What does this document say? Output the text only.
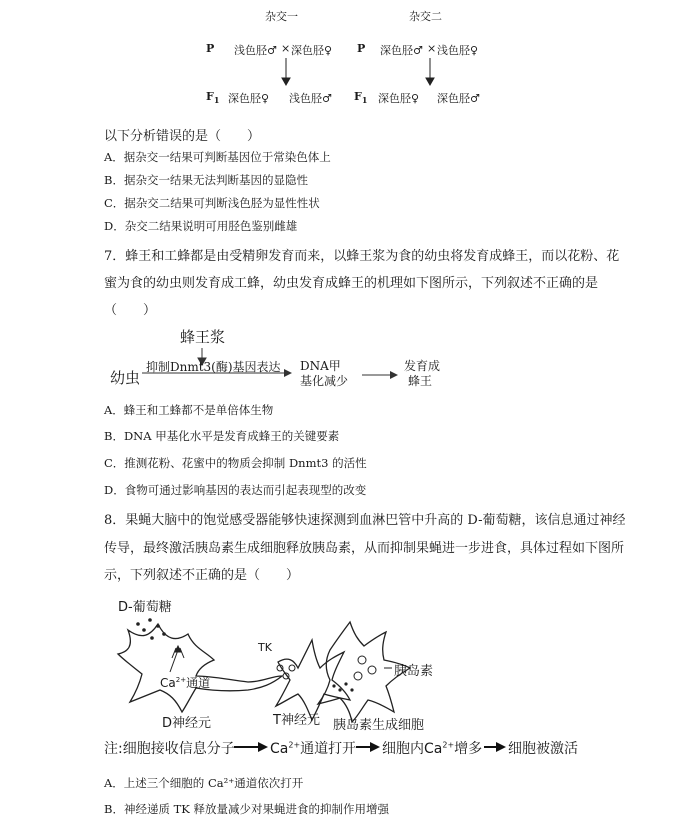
杂交一	杂交二
P 浅色胫♂ × 深色胫♀ P 深色胫♂ × 浅色胫♀
$F_1$ 深色胫♀ 浅色胫♂ $F_1$ 深色胫♀ 深色胫♂
以下分析错误的是（　　）
A．据杂交一结果可判断基因位于常染色体上
B．据杂交一结果无法判断基因的显隐性
C．据杂交二结果可判断浅色胫为显性性状
D．杂交二结果说明可用胫色鉴别雌雄
7．蜂王和工蜂都是由受精卵发育而来，以蜂王浆为食的幼虫将发育成蜂王，而以花粉、花
蜜为食的幼虫则发育成工蜂，幼虫发育成蜂王的机理如下图所示，下列叙述不正确的是
（　　）
蜂王浆
幼虫
抑制Dnmt3(酶)基因表达 DNA甲
基化减少
发育成
蜂王
A．蜂王和工蜂都不是单倍体生物
B．DNA 甲基化水平是发育成蜂王的关键要素
C．推测花粉、花蜜中的物质会抑制 Dnmt3 的活性
D．食物可通过影响基因的表达而引起表现型的改变
8．果蝇大脑中的饱觉感受器能够快速探测到血淋巴管中升高的 D-葡萄糖，该信息通过神经
传导，最终激活胰岛素生成细胞释放胰岛素，从而抑制果蝇进一步进食，具体过程如下图所
示，下列叙述不正确的是（　　）
D-葡萄糖
$Ca^{2+}$通道
TK
胰岛素
D神经元	T神经元 胰岛素生成细胞
注:细胞接收信息分子	$Ca^{2+}$通道打开 细胞内$Ca^{2+}$增多 细胞被激活
A．上述三个细胞的 Ca²⁺通道依次打开
B．神经递质 TK 释放量减少对果蝇进食的抑制作用增强
